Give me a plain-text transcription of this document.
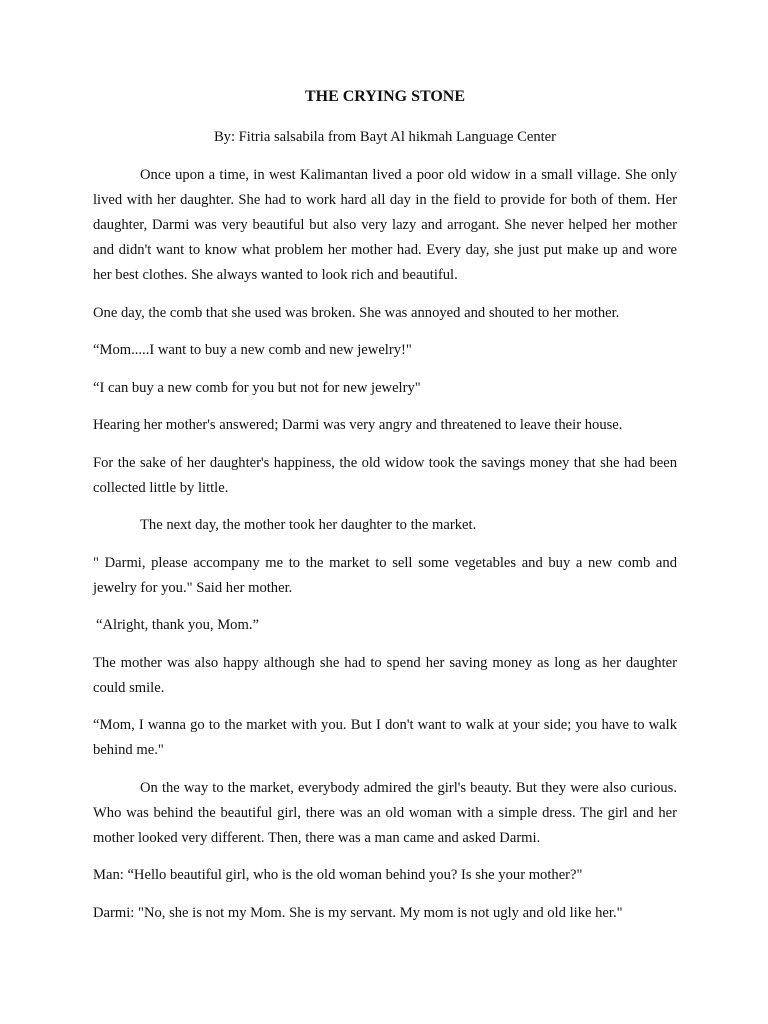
THE CRYING STONE

By: Fitria salsabila from Bayt Al hikmah Language Center

Once upon a time, in west Kalimantan lived a poor old widow in a small village. She only lived with her daughter. She had to work hard all day in the field to provide for both of them. Her daughter, Darmi was very beautiful but also very lazy and arrogant. She never helped her mother and didn't want to know what problem her mother had. Every day, she just put make up and wore her best clothes. She always wanted to look rich and beautiful.

One day, the comb that she used was broken. She was annoyed and shouted to her mother.

“Mom.....I want to buy a new comb and new jewelry!"

“I can buy a new comb for you but not for new jewelry"

Hearing her mother's answered; Darmi was very angry and threatened to leave their house.

For the sake of her daughter's happiness, the old widow took the savings money that she had been collected little by little.

The next day, the mother took her daughter to the market.

" Darmi, please accompany me to the market to sell some vegetables and buy a new comb and jewelry for you." Said her mother.

“Alright, thank you, Mom.”

The mother was also happy although she had to spend her saving money as long as her daughter could smile.

“Mom, I wanna go to the market with you. But I don't want to walk at your side; you have to walk behind me."

On the way to the market, everybody admired the girl's beauty. But they were also curious. Who was behind the beautiful girl, there was an old woman with a simple dress. The girl and her mother looked very different. Then, there was a man came and asked Darmi.

Man: “Hello beautiful girl, who is the old woman behind you? Is she your mother?"

Darmi: "No, she is not my Mom. She is my servant. My mom is not ugly and old like her."
